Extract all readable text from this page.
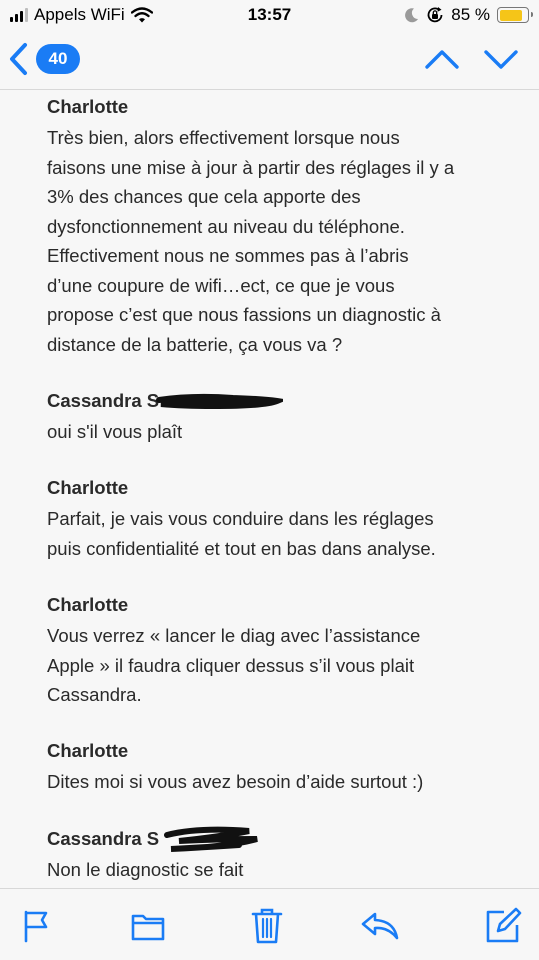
Appels WiFi	13:57	85 %
40
Charlotte
Très bien, alors effectivement lorsque nous
faisons une mise à jour à partir des réglages il y a
3% des chances que cela apporte des
dysfonctionnement au niveau du téléphone.
Effectivement nous ne sommes pas à l’abris
d’une coupure de wifi…ect, ce que je vous
propose c’est que nous fassions un diagnostic à
distance de la batterie, ça vous va ?
Cassandra S
oui s'il vous plaît
Charlotte
Parfait, je vais vous conduire dans les réglages
puis confidentialité et tout en bas dans analyse.
Charlotte
Vous verrez « lancer le diag avec l’assistance
Apple » il faudra cliquer dessus s’il vous plait
Cassandra.
Charlotte
Dites moi si vous avez besoin d’aide surtout :)
Cassandra S
Non le diagnostic se fait
